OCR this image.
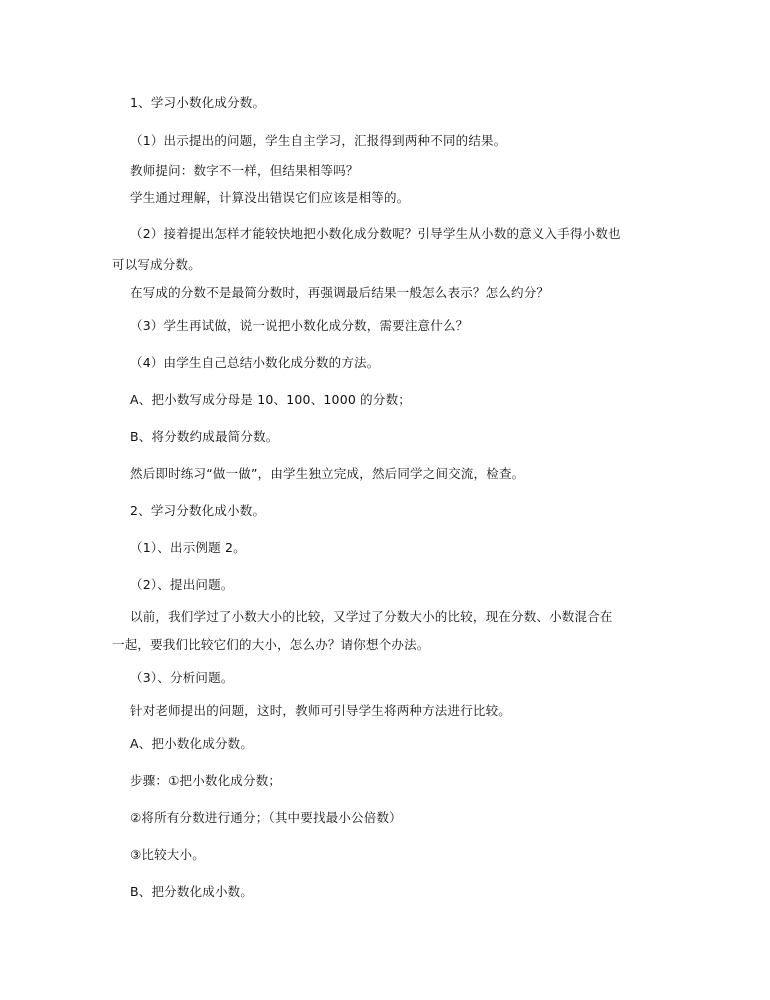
1、学习小数化成分数。
（1）出示提出的问题，学生自主学习，汇报得到两种不同的结果。
教师提问：数字不一样，但结果相等吗？
学生通过理解，计算没出错误它们应该是相等的。
（2）接着提出怎样才能较快地把小数化成分数呢？引导学生从小数的意义入手得小数也
可以写成分数。
在写成的分数不是最简分数时，再强调最后结果一般怎么表示？怎么约分？
（3）学生再试做，说一说把小数化成分数，需要注意什么？
（4）由学生自己总结小数化成分数的方法。
A、把小数写成分母是 10、100、1000 的分数；
B、将分数约成最简分数。
然后即时练习“做一做”，由学生独立完成，然后同学之间交流，检查。
2、学习分数化成小数。
（1）、出示例题 2。
（2）、提出问题。
以前，我们学过了小数大小的比较，又学过了分数大小的比较，现在分数、小数混合在
一起，要我们比较它们的大小，怎么办？请你想个办法。
（3）、分析问题。
针对老师提出的问题，这时，教师可引导学生将两种方法进行比较。
A、把小数化成分数。
步骤：①把小数化成分数；
②将所有分数进行通分；（其中要找最小公倍数）
③比较大小。
B、把分数化成小数。
